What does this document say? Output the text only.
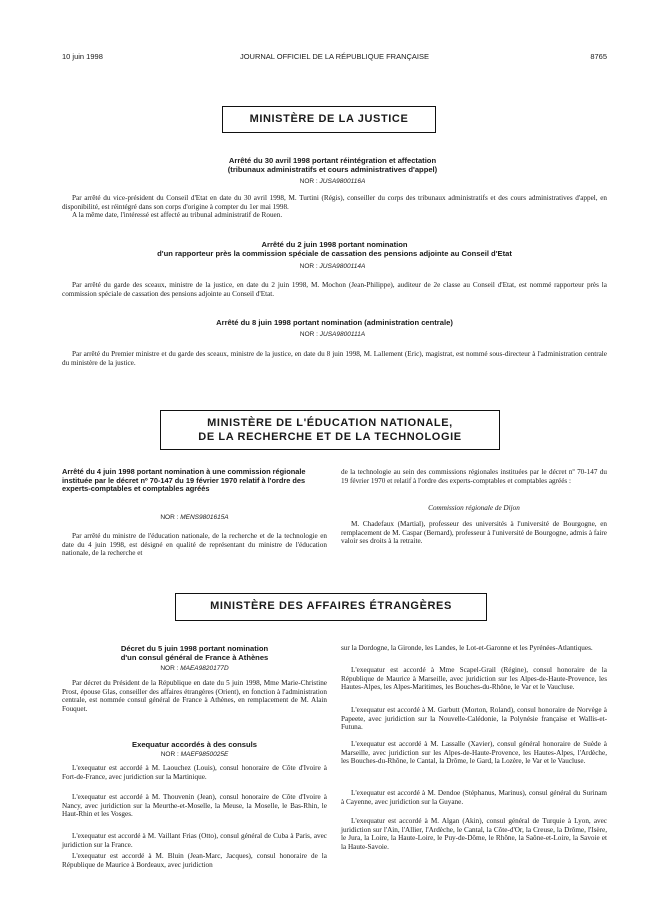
10 juin 1998	JOURNAL OFFICIEL DE LA RÉPUBLIQUE FRANÇAISE	8765
MINISTÈRE DE LA JUSTICE
Arrêté du 30 avril 1998 portant réintégration et affectation
(tribunaux administratifs et cours administratives d'appel)
NOR : JUSA9800116A

Par arrêté du vice-président du Conseil d'Etat en date du 30 avril 1998, M. Turtini (Régis), conseiller du corps des tribunaux administratifs et des cours administratives d'appel, en disponibilité, est réintégré dans son corps d'origine à compter du 1er mai 1998.

A la même date, l'intéressé est affecté au tribunal administratif de Rouen.

Arrêté du 2 juin 1998 portant nomination
d'un rapporteur près la commission spéciale de cassation des pensions adjointe au Conseil d'Etat
NOR : JUSA9800114A

Par arrêté du garde des sceaux, ministre de la justice, en date du 2 juin 1998, M. Mochon (Jean-Philippe), auditeur de 2e classe au Conseil d'Etat, est nommé rapporteur près la commission spéciale de cassation des pensions adjointe au Conseil d'Etat.

Arrêté du 8 juin 1998 portant nomination (administration centrale)
NOR : JUSA9800111A

Par arrêté du Premier ministre et du garde des sceaux, ministre de la justice, en date du 8 juin 1998, M. Lallement (Eric), magistrat, est nommé sous-directeur à l'administration centrale du ministère de la justice.

MINISTÈRE DE L'ÉDUCATION NATIONALE,
DE LA RECHERCHE ET DE LA TECHNOLOGIE
Arrêté du 4 juin 1998 portant nomination à une commission régionale instituée par le décret nº 70-147 du 19 février 1970 relatif à l'ordre des experts-comptables et comptables agréés
NOR : MENS9801615A

Par arrêté du ministre de l'éducation nationale, de la recherche et de la technologie en date du 4 juin 1998, est désigné en qualité de représentant du ministre de l'éducation nationale, de la recherche et

de la technologie au sein des commissions régionales instituées par le décret nº 70-147 du 19 février 1970 et relatif à l'ordre des experts-comptables et comptables agréés :

Commission régionale de Dijon

M. Chadefaux (Martial), professeur des universités à l'université de Bourgogne, en remplacement de M. Caspar (Bernard), professeur à l'université de Bourgogne, admis à faire valoir ses droits à la retraite.

MINISTÈRE DES AFFAIRES ÉTRANGÈRES
Décret du 5 juin 1998 portant nomination
d'un consul général de France à Athènes
NOR : MAEA9820177D

Par décret du Président de la République en date du 5 juin 1998, Mme Marie-Christine Prost, épouse Glas, conseiller des affaires étrangères (Orient), en fonction à l'administration centrale, est nommée consul général de France à Athènes, en remplacement de M. Alain Fouquet.

Exequatur accordés à des consuls
NOR : MAEF9850025E

L'exequatur est accordé à M. Laouchez (Louis), consul honoraire de Côte d'Ivoire à Fort-de-France, avec juridiction sur la Martinique.

L'exequatur est accordé à M. Thouvenin (Jean), consul honoraire de Côte d'Ivoire à Nancy, avec juridiction sur la Meurthe-et-Moselle, la Meuse, la Moselle, le Bas-Rhin, le Haut-Rhin et les Vosges.

L'exequatur est accordé à M. Vaillant Frias (Otto), consul général de Cuba à Paris, avec juridiction sur la France.

L'exequatur est accordé à M. Bluin (Jean-Marc, Jacques), consul honoraire de la République de Maurice à Bordeaux, avec juridiction

sur la Dordogne, la Gironde, les Landes, le Lot-et-Garonne et les Pyrénées-Atlantiques.

L'exequatur est accordé à Mme Scapel-Grail (Régine), consul honoraire de la République de Maurice à Marseille, avec juridiction sur les Alpes-de-Haute-Provence, les Hautes-Alpes, les Alpes-Maritimes, les Bouches-du-Rhône, le Var et le Vaucluse.

L'exequatur est accordé à M. Garbutt (Morton, Roland), consul honoraire de Norvège à Papeete, avec juridiction sur la Nouvelle-Calédonie, la Polynésie française et Wallis-et-Futuna.

L'exequatur est accordé à M. Lassalle (Xavier), consul général honoraire de Suède à Marseille, avec juridiction sur les Alpes-de-Haute-Provence, les Hautes-Alpes, l'Ardèche, les Bouches-du-Rhône, le Cantal, la Drôme, le Gard, la Lozère, le Var et le Vaucluse.

L'exequatur est accordé à M. Dendoe (Stéphanus, Marinus), consul général du Surinam à Cayenne, avec juridiction sur la Guyane.

L'exequatur est accordé à M. Algan (Akin), consul général de Turquie à Lyon, avec juridiction sur l'Ain, l'Allier, l'Ardèche, le Cantal, la Côte-d'Or, la Creuse, la Drôme, l'Isère, le Jura, la Loire, la Haute-Loire, le Puy-de-Dôme, le Rhône, la Saône-et-Loire, la Savoie et la Haute-Savoie.
